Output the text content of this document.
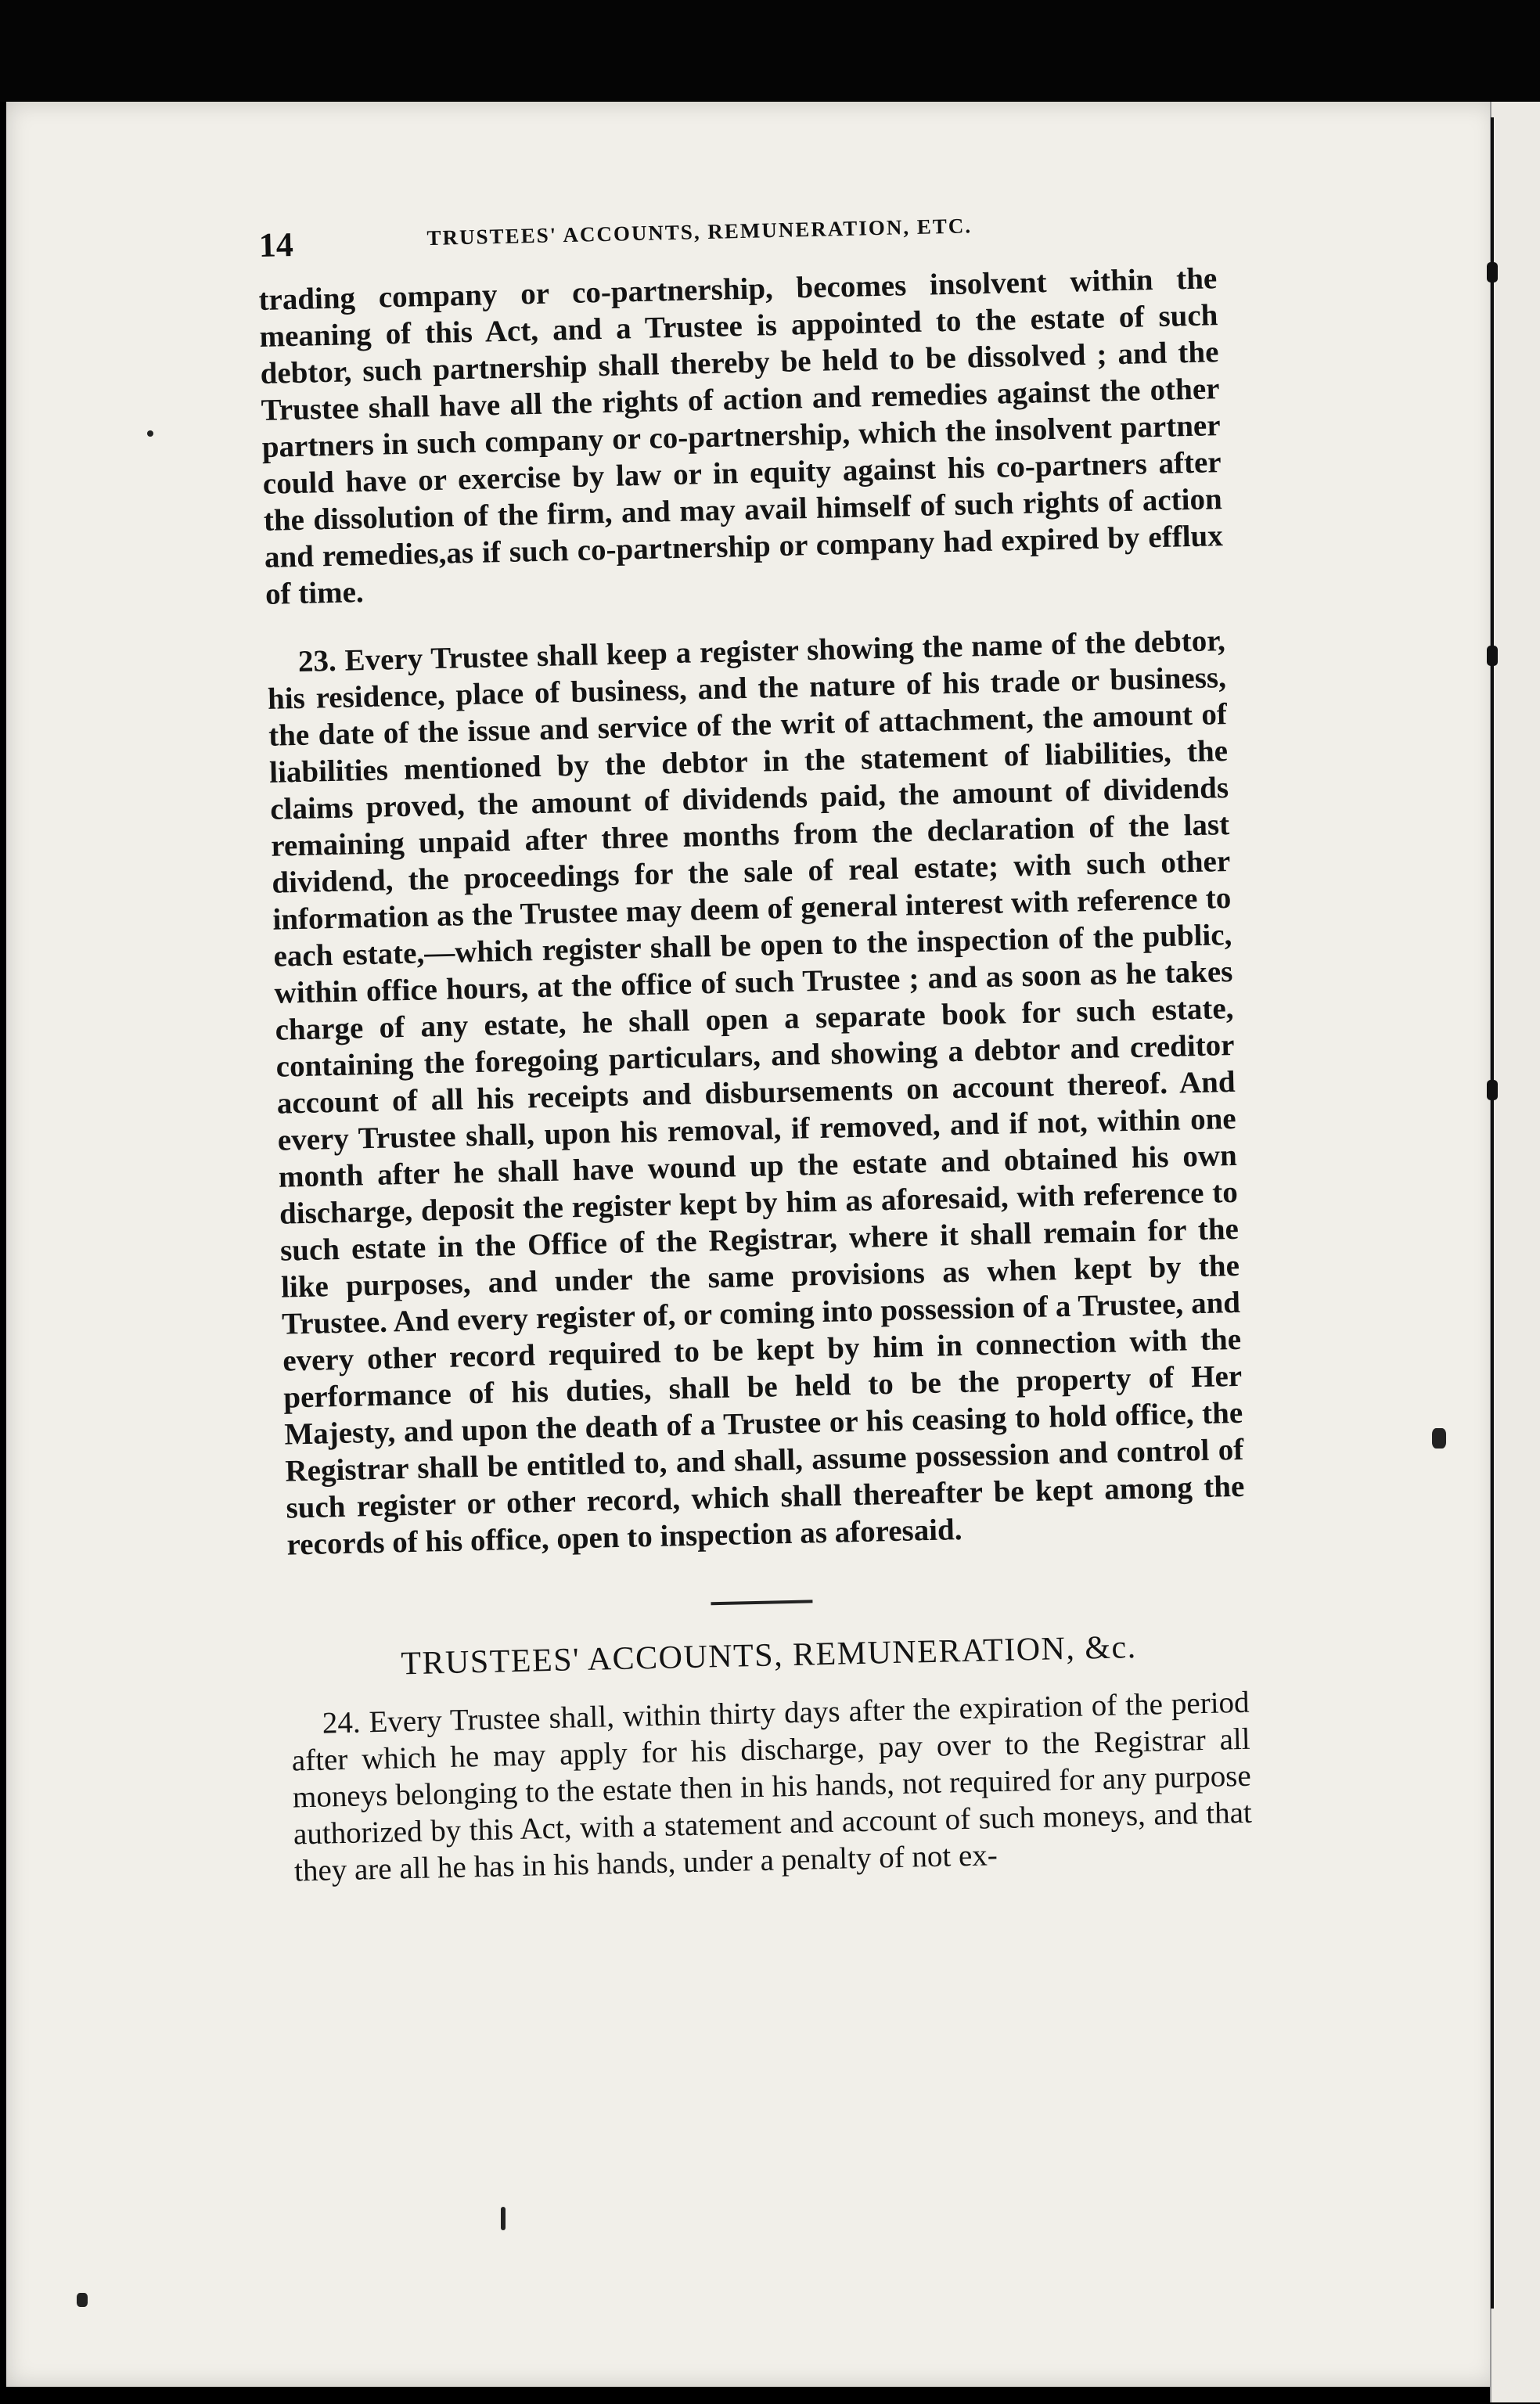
14	TRUSTEES' ACCOUNTS, REMUNERATION, ETC.

trading company or co-partnership, becomes insolvent within the meaning of this Act, and a Trustee is appointed to the estate of such debtor, such partnership shall thereby be held to be dissolved ; and the Trustee shall have all the rights of action and remedies against the other partners in such company or co-partnership, which the insolvent partner could have or exercise by law or in equity against his co-partners after the dissolution of the firm, and may avail himself of such rights of action and remedies,as if such co-partnership or company had expired by efflux of time.

23. Every Trustee shall keep a register showing the name of the debtor, his residence, place of business, and the nature of his trade or business, the date of the issue and service of the writ of attachment, the amount of liabilities mentioned by the debtor in the statement of liabilities, the claims proved, the amount of dividends paid, the amount of dividends remaining unpaid after three months from the declaration of the last dividend, the proceedings for the sale of real estate; with such other information as the Trustee may deem of general interest with reference to each estate,—which register shall be open to the inspection of the public, within office hours, at the office of such Trustee ; and as soon as he takes charge of any estate, he shall open a separate book for such estate, containing the foregoing particulars, and showing a debtor and creditor account of all his receipts and disbursements on account thereof. And every Trustee shall, upon his removal, if removed, and if not, within one month after he shall have wound up the estate and obtained his own discharge, deposit the register kept by him as aforesaid, with reference to such estate in the Office of the Registrar, where it shall remain for the like purposes, and under the same provisions as when kept by the Trustee. And every register of, or coming into possession of a Trustee, and every other record required to be kept by him in connection with the performance of his duties, shall be held to be the property of Her Majesty, and upon the death of a Trustee or his ceasing to hold office, the Registrar shall be entitled to, and shall, assume possession and control of such register or other record, which shall thereafter be kept among the records of his office, open to inspection as aforesaid.

TRUSTEES' ACCOUNTS, REMUNERATION, &c.

24. Every Trustee shall, within thirty days after the expiration of the period after which he may apply for his discharge, pay over to the Registrar all moneys belonging to the estate then in his hands, not required for any purpose authorized by this Act, with a statement and account of such moneys, and that they are all he has in his hands, under a penalty of not ex-
